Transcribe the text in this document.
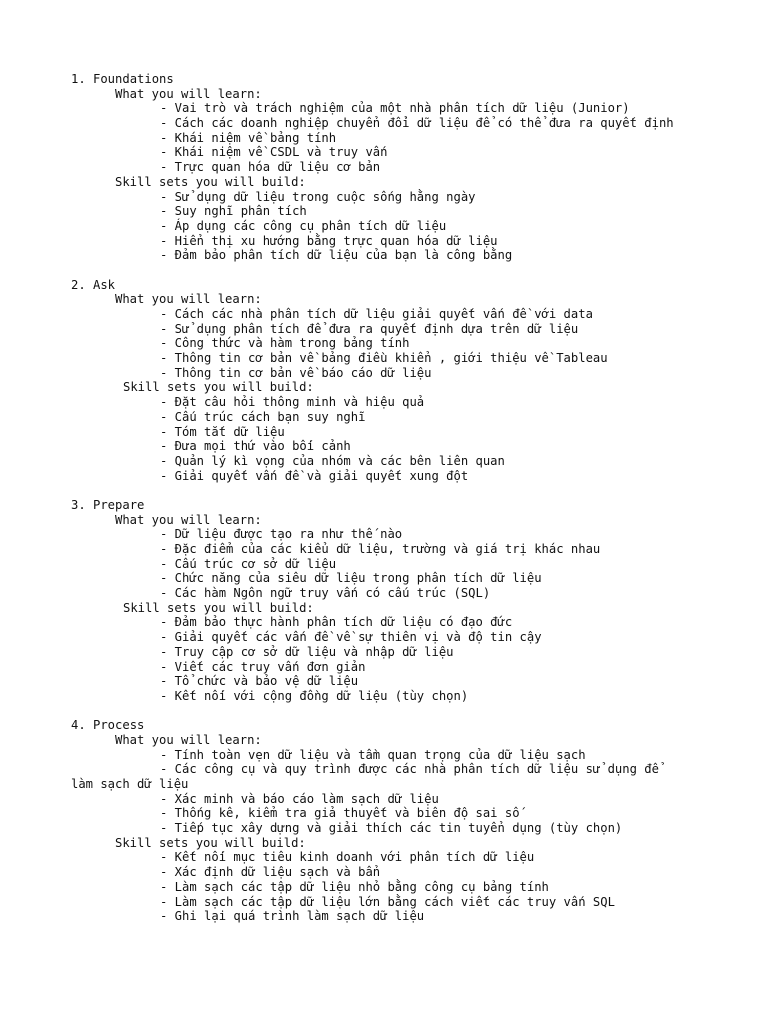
1. Foundations
What you will learn:
- Vai trò và trách nghiệm của một nhà phân tích dữ liệu (Junior)
- Cách các doanh nghiệp chuyển đổi dữ liệu để có thể đưa ra quyết định
- Khái niệm về bảng tính
- Khái niệm về CSDL và truy vấn
- Trực quan hóa dữ liệu cơ bản
Skill sets you will build:
- Sử dụng dữ liệu trong cuộc sống hằng ngày
- Suy nghĩ phân tích
- Áp dụng các công cụ phân tích dữ liệu
- Hiển thị xu hướng bằng trực quan hóa dữ liệu
- Đảm bảo phân tích dữ liệu của bạn là công bằng
2. Ask
What you will learn:
- Cách các nhà phân tích dữ liệu giải quyết vấn đề với data
- Sử dụng phân tích để đưa ra quyết định dựa trên dữ liệu
- Công thức và hàm trong bảng tính
- Thông tin cơ bản về bảng điều khiển , giới thiệu về Tableau
- Thông tin cơ bản về báo cáo dữ liệu
Skill sets you will build:
- Đặt câu hỏi thông minh và hiệu quả
- Cấu trúc cách bạn suy nghĩ
- Tóm tắt dữ liệu
- Đưa mọi thứ vào bối cảnh
- Quản lý kì vọng của nhóm và các bên liên quan
- Giải quyết vấn đề và giải quyết xung đột
3. Prepare
What you will learn:
- Dữ liệu được tạo ra như thế nào
- Đặc điểm của các kiểu dữ liệu, trường và giá trị khác nhau
- Cấu trúc cơ sở dữ liệu
- Chức năng của siêu dữ liệu trong phân tích dữ liệu
- Các hàm Ngôn ngữ truy vấn có cấu trúc (SQL)
Skill sets you will build:
- Đảm bảo thực hành phân tích dữ liệu có đạo đức
- Giải quyết các vấn đề về sự thiên vị và độ tin cậy
- Truy cập cơ sở dữ liệu và nhập dữ liệu
- Viết các truy vấn đơn giản
- Tổ chức và bảo vệ dữ liệu
- Kết nối với cộng đồng dữ liệu (tùy chọn)
4. Process
What you will learn:
- Tính toàn vẹn dữ liệu và tầm quan trọng của dữ liệu sạch
- Các công cụ và quy trình được các nhà phân tích dữ liệu sử dụng để
làm sạch dữ liệu
- Xác minh và báo cáo làm sạch dữ liệu
- Thống kê, kiểm tra giả thuyết và biên độ sai số
- Tiếp tục xây dựng và giải thích các tin tuyển dụng (tùy chọn)
Skill sets you will build:
- Kết nối mục tiêu kinh doanh với phân tích dữ liệu
- Xác định dữ liệu sạch và bẩn
- Làm sạch các tập dữ liệu nhỏ bằng công cụ bảng tính
- Làm sạch các tập dữ liệu lớn bằng cách viết các truy vấn SQL
- Ghi lại quá trình làm sạch dữ liệu
